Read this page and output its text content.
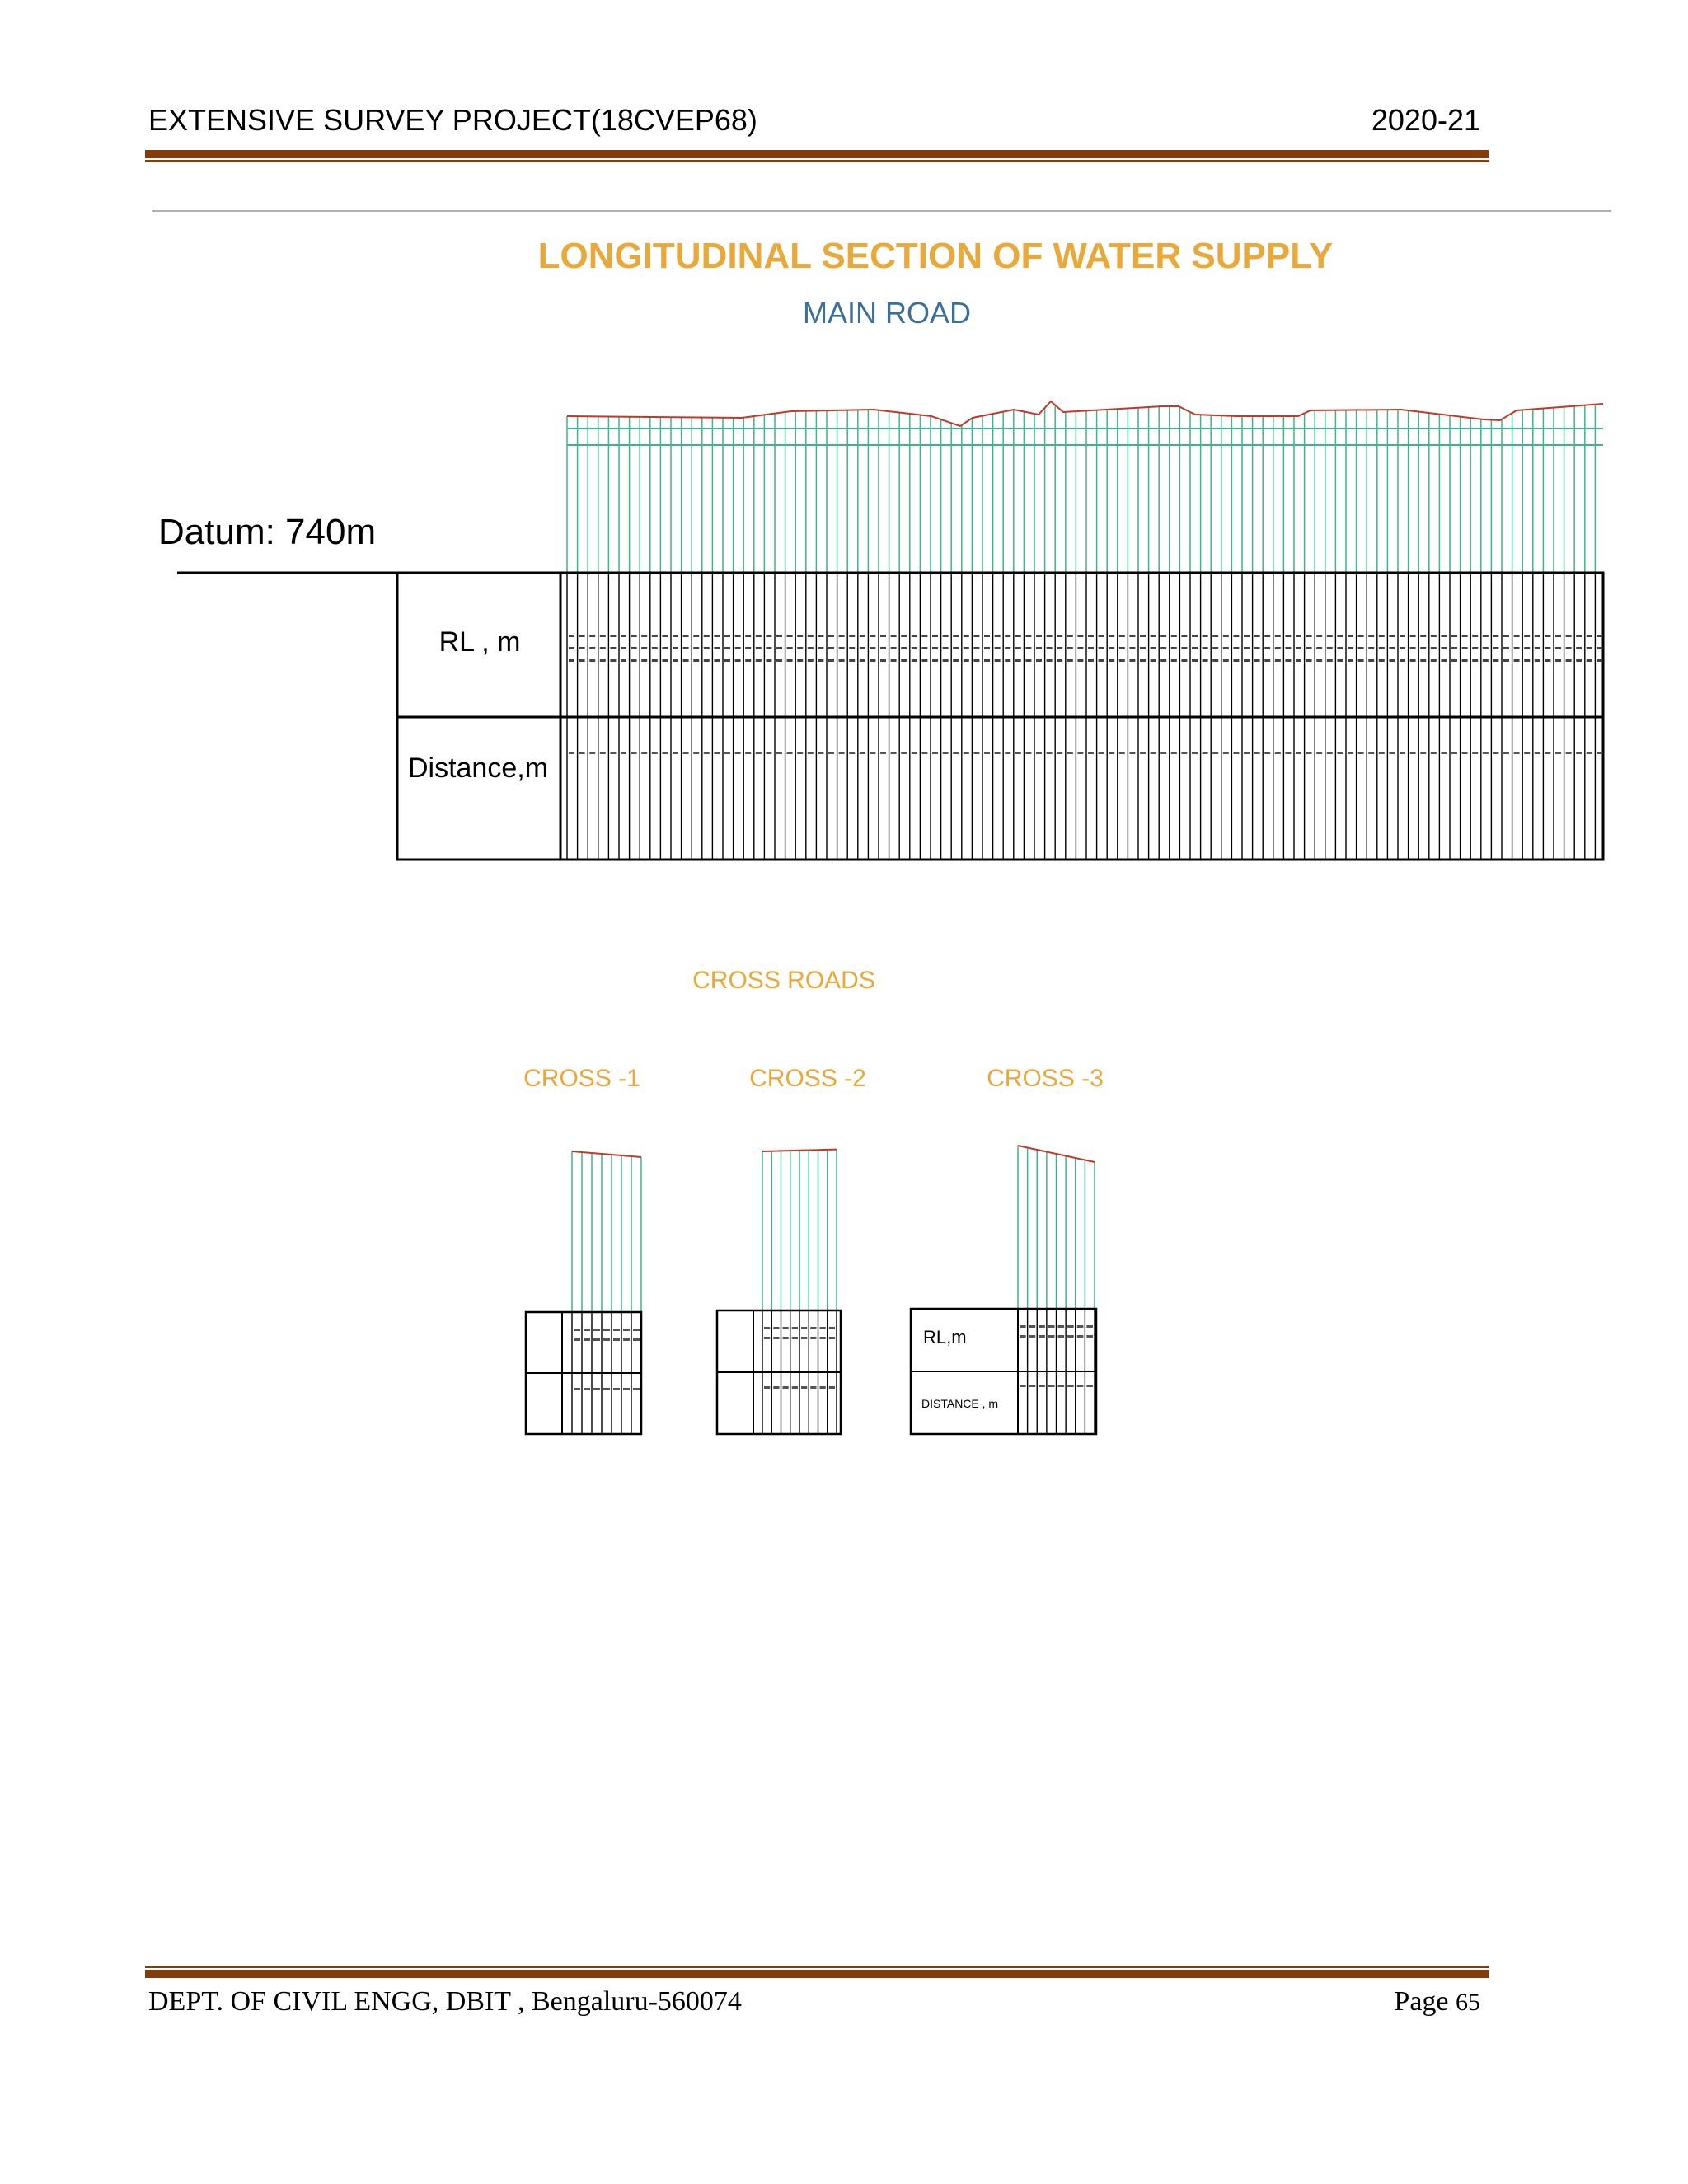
EXTENSIVE SURVEY PROJECT(18CVEP68)	2020-21
LONGITUDINAL SECTION OF WATER SUPPLY
MAIN ROAD
Datum: 740m
RL , m
Distance,m
CROSS ROADS
CROSS -1	CROSS -2	CROSS -3
RL,m
DISTANCE , m
DEPT. OF CIVIL ENGG, DBIT , Bengaluru-560074	Page 65
